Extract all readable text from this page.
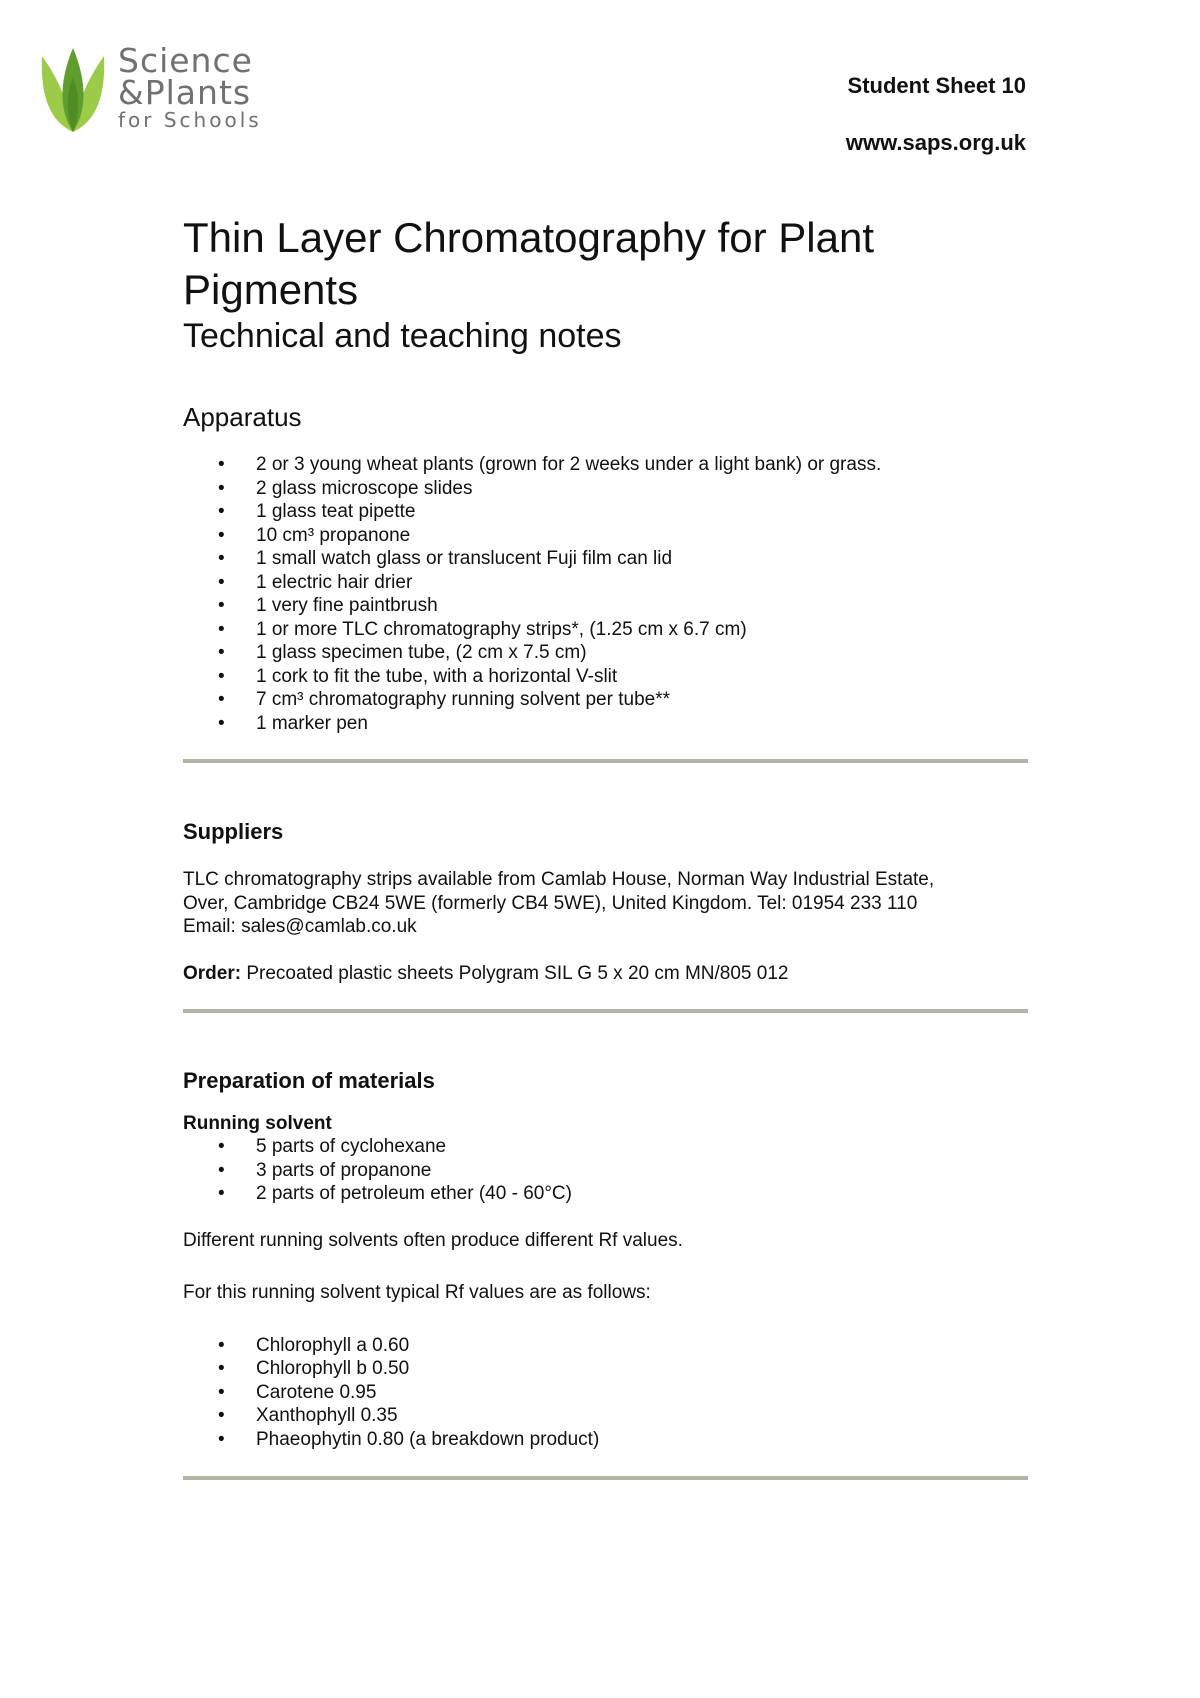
Science
&Plants
for Schools
Student Sheet 10
www.saps.org.uk
Thin Layer Chromatography for Plant Pigments
Technical and teaching notes
Apparatus
• 2 or 3 young wheat plants (grown for 2 weeks under a light bank) or grass.
• 2 glass microscope slides
• 1 glass teat pipette
• 10 cm³ propanone
• 1 small watch glass or translucent Fuji film can lid
• 1 electric hair drier
• 1 very fine paintbrush
• 1 or more TLC chromatography strips*, (1.25 cm x 6.7 cm)
• 1 glass specimen tube, (2 cm x 7.5 cm)
• 1 cork to fit the tube, with a horizontal V-slit
• 7 cm³ chromatography running solvent per tube**
• 1 marker pen
Suppliers

TLC chromatography strips available from Camlab House, Norman Way Industrial Estate,

Over, Cambridge CB24 5WE (formerly CB4 5WE), United Kingdom. Tel: 01954 233 110

Email: sales@camlab.co.uk

Order: Precoated plastic sheets Polygram SIL G 5 x 20 cm MN/805 012

Preparation of materials
Running solvent
• 5 parts of cyclohexane
• 3 parts of propanone
• 2 parts of petroleum ether (40 - 60°C)

Different running solvents often produce different Rf values.

For this running solvent typical Rf values are as follows:

• Chlorophyll a 0.60
• Chlorophyll b 0.50
• Carotene 0.95
• Xanthophyll 0.35
• Phaeophytin 0.80 (a breakdown product)
